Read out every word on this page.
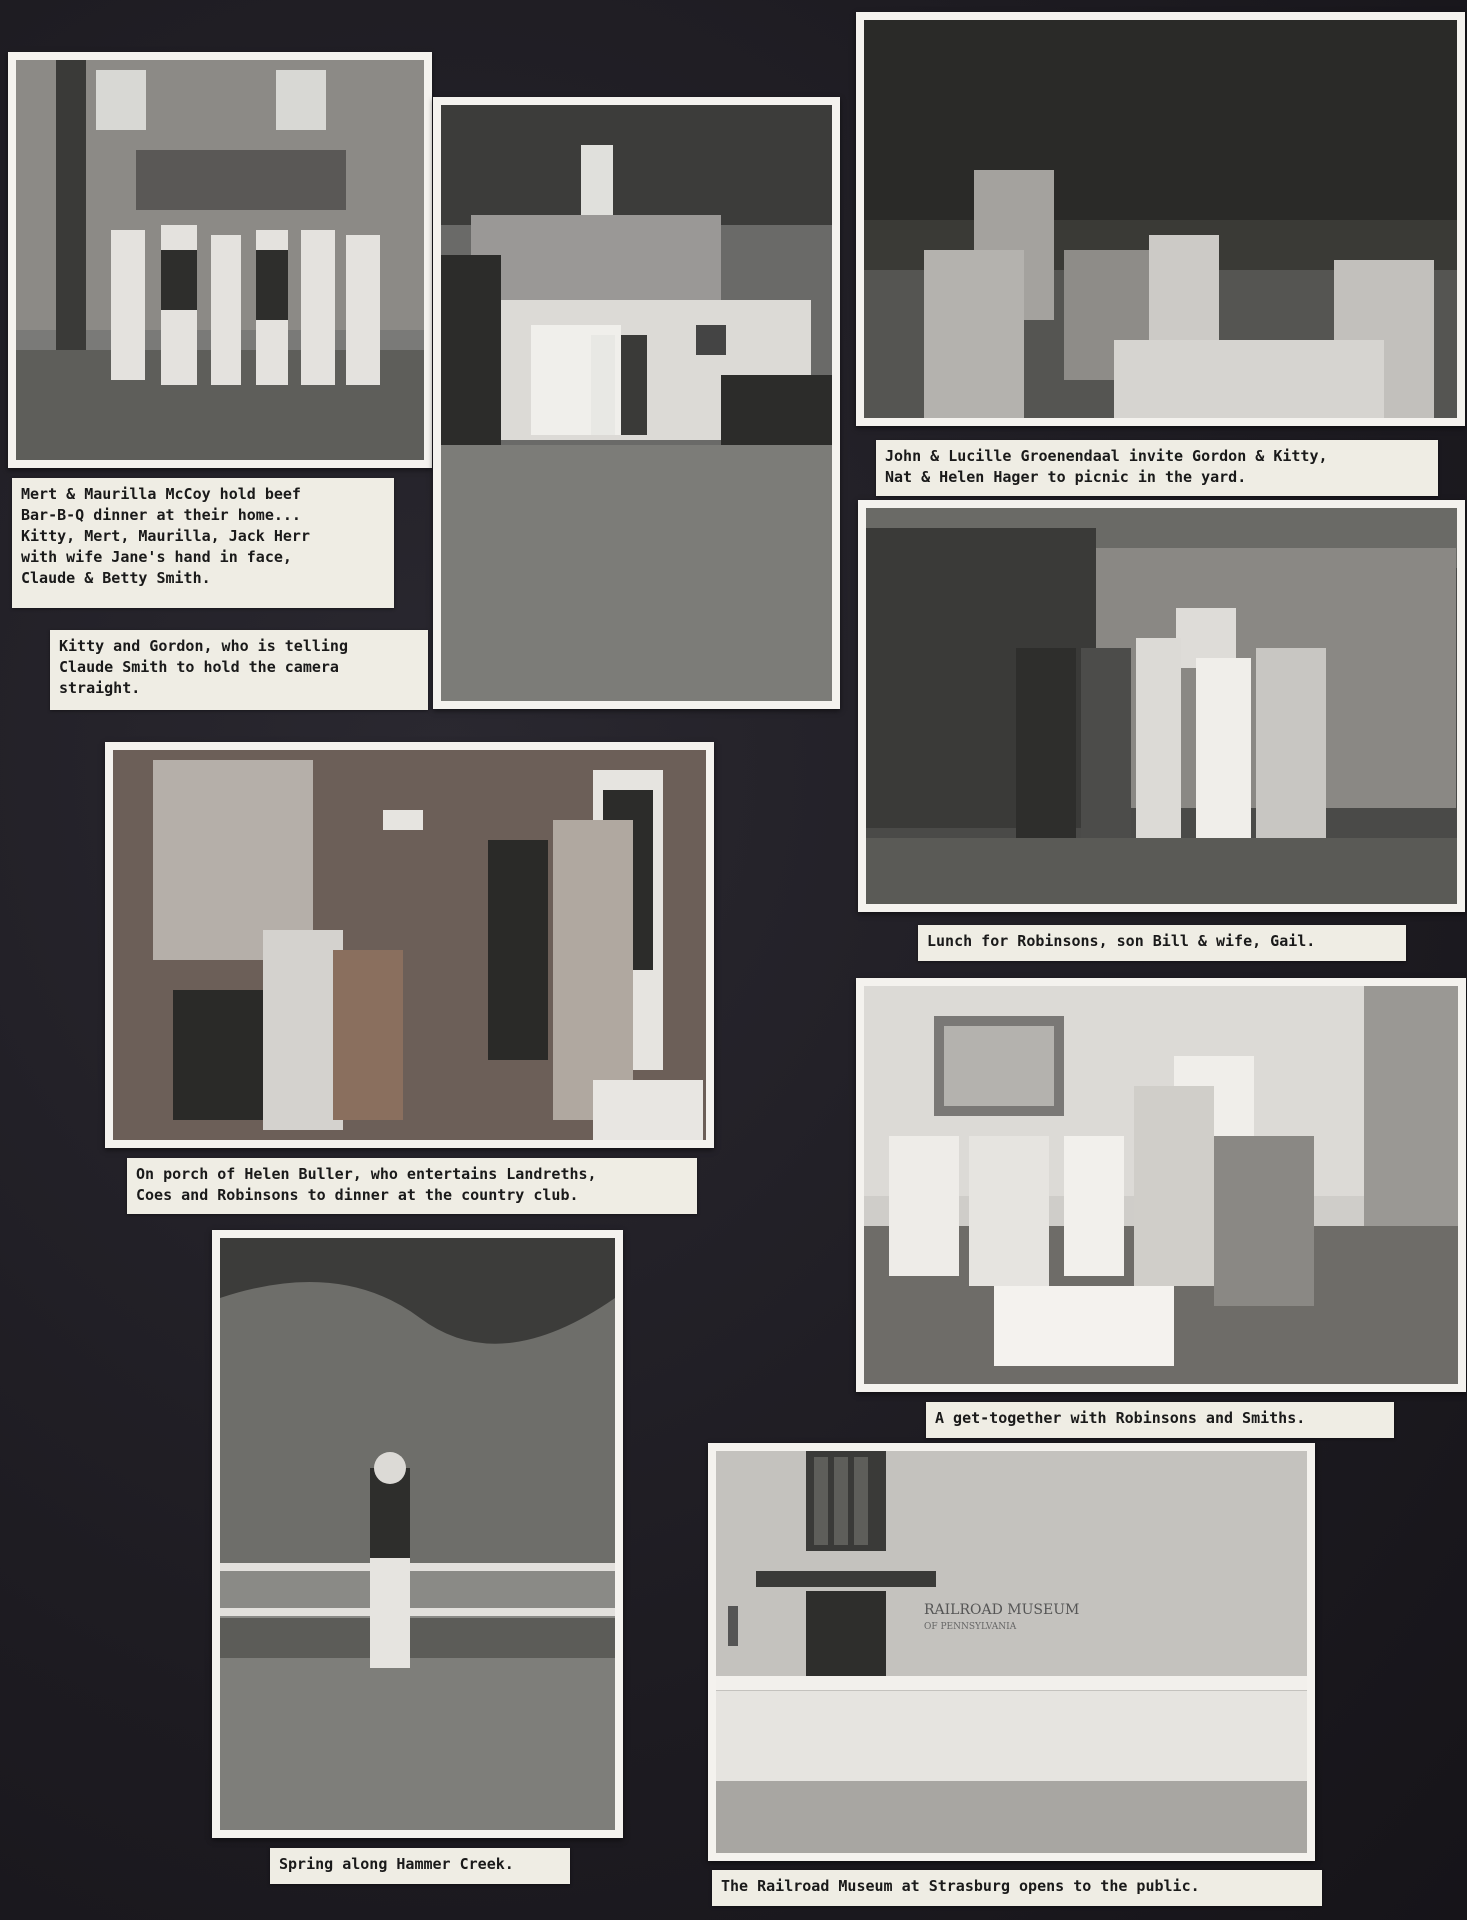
Mert & Maurilla McCoy hold beef
Bar-B-Q dinner at their home...
Kitty, Mert, Maurilla, Jack Herr
with wife Jane's hand in face,
Claude & Betty Smith.
Kitty and Gordon, who is telling
Claude Smith to hold the camera
straight.
John & Lucille Groenendaal invite Gordon & Kitty,
Nat & Helen Hager to picnic in the yard.
Lunch for Robinsons, son Bill & wife, Gail.
On porch of Helen Buller, who entertains Landreths,
Coes and Robinsons to dinner at the country club.
A get-together with Robinsons and Smiths.
Spring along Hammer Creek.
RAILROAD MUSEUM
OF PENNSYLVANIA
The Railroad Museum at Strasburg opens to the public.
